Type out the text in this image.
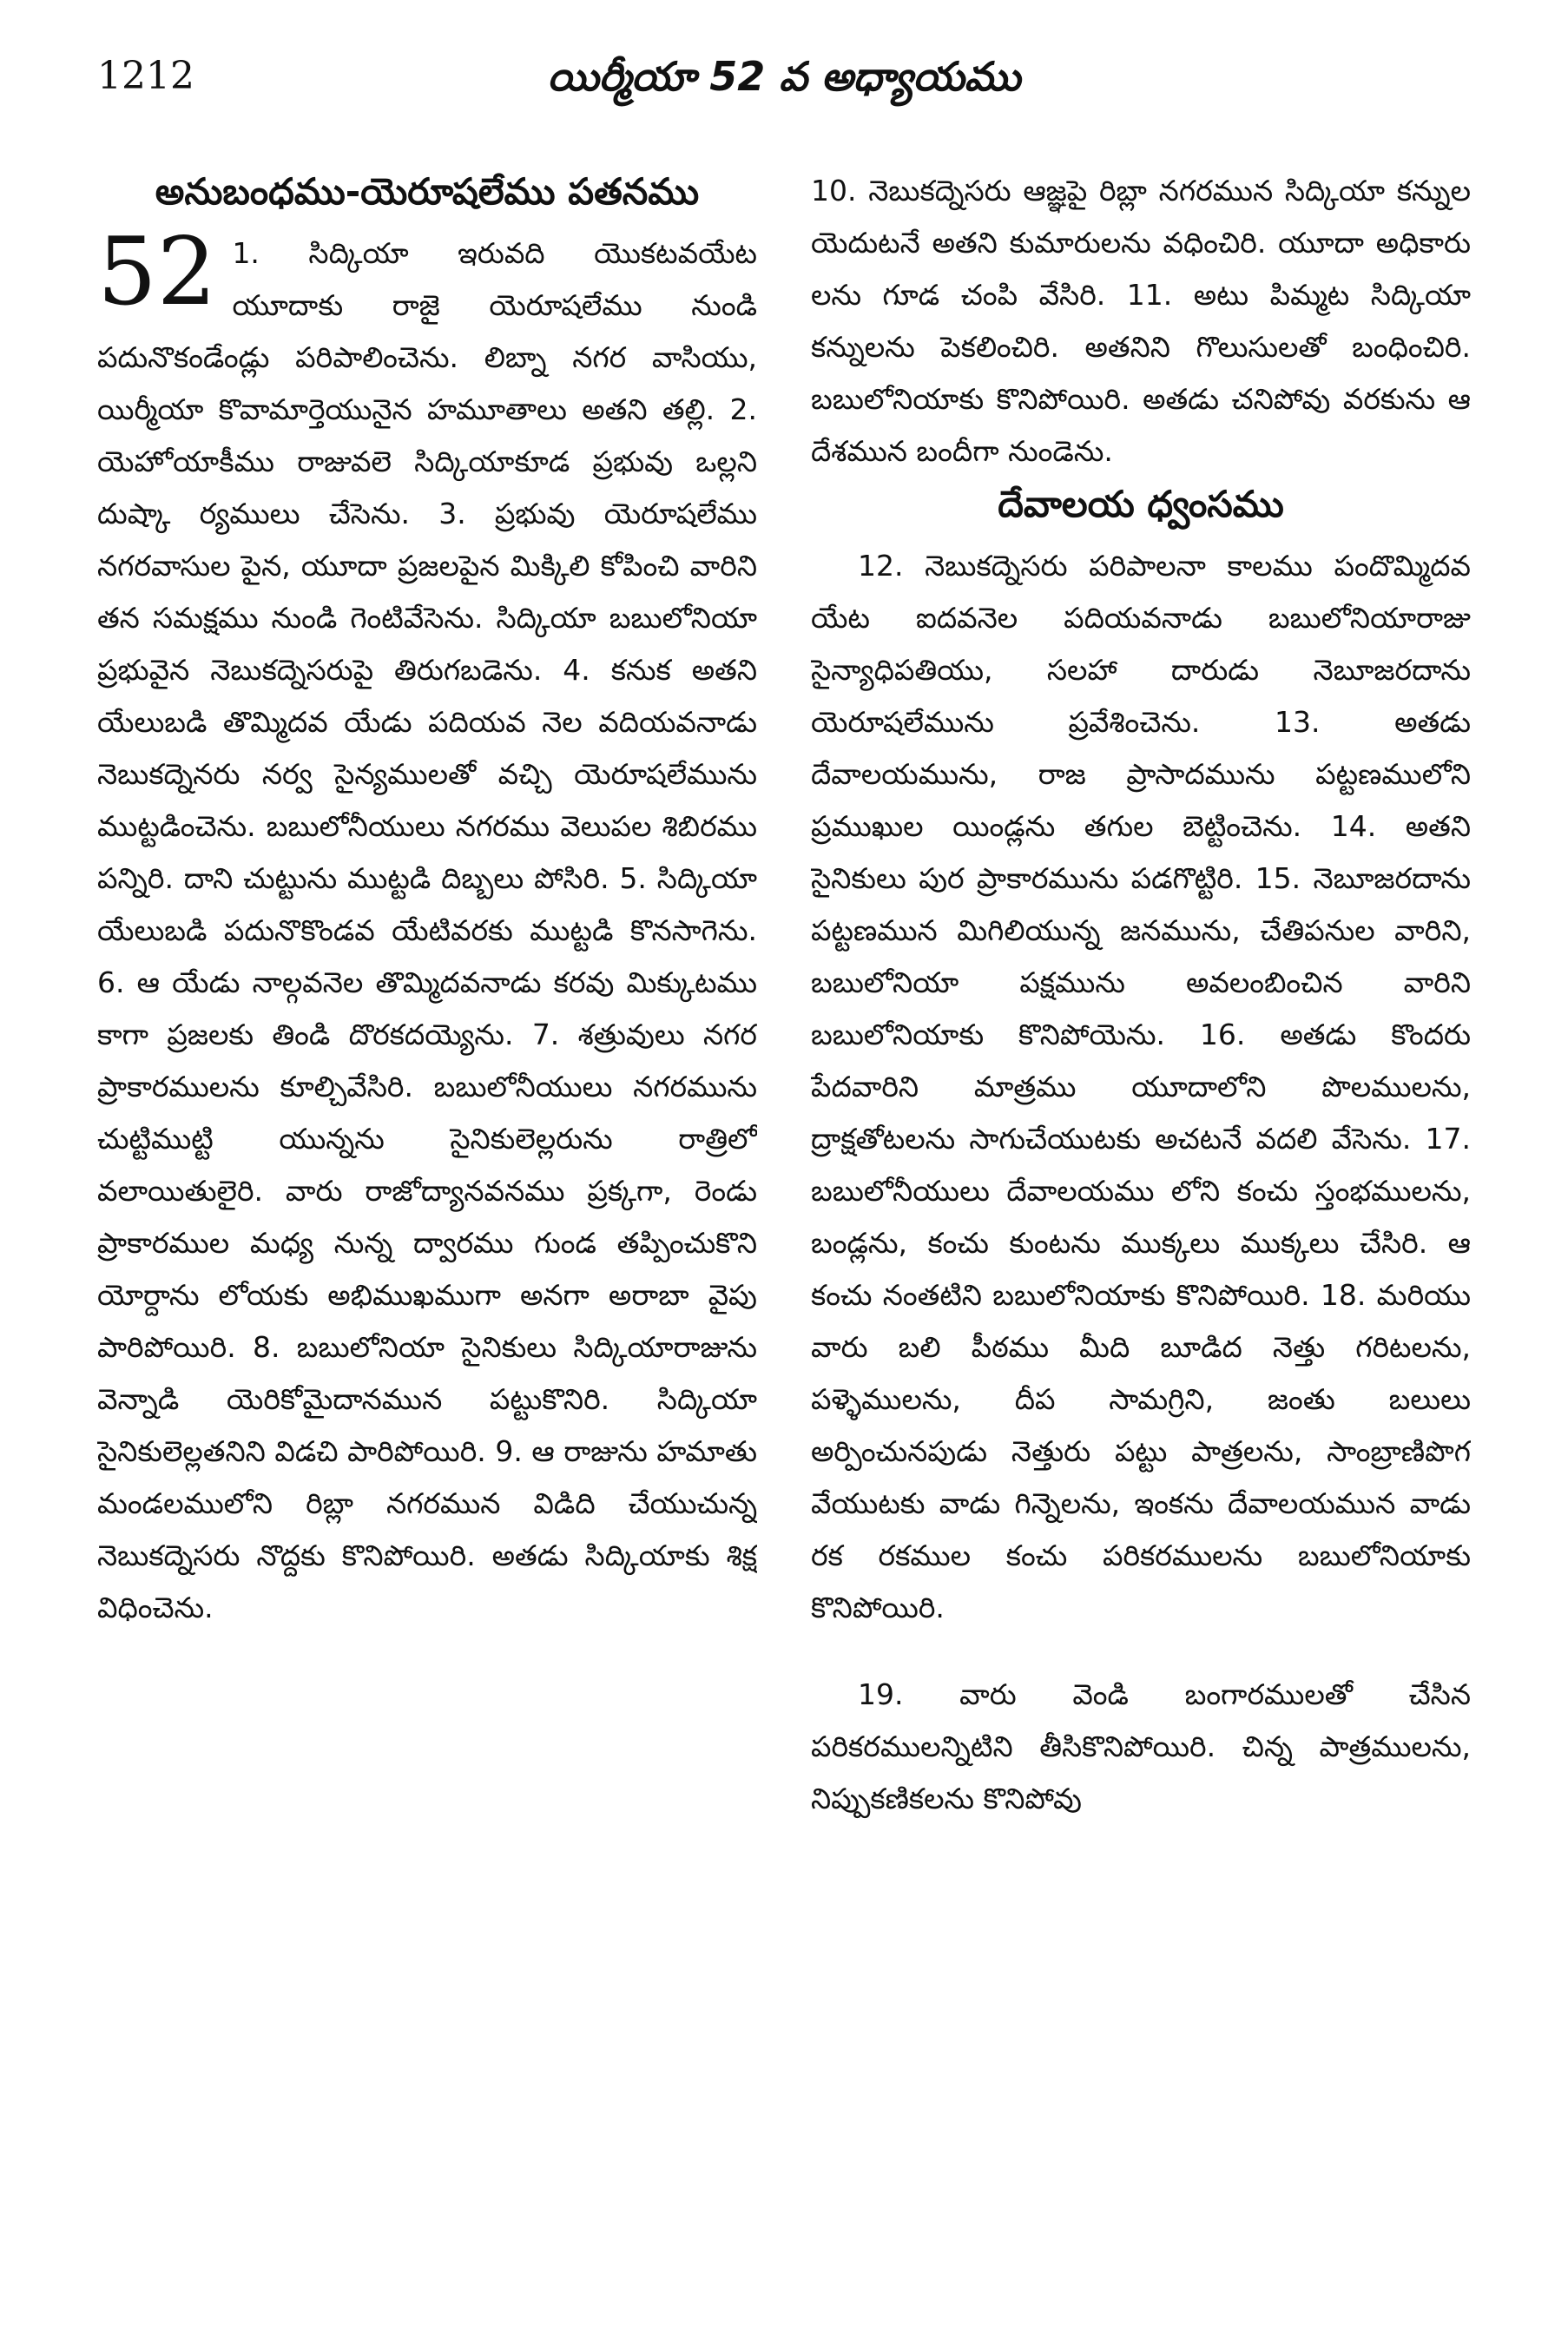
1212	యిర్మీయా 52 వ అధ్యాయము
అనుబంధము-యెరూషలేము పతనము

52 1. సిద్కియా ఇరువది యొకటవయేట యూదాకు రాజై యెరూషలేము నుండి పదునొకండేండ్లు పరిపాలించెను. లిబ్నా నగర వాసియు, యిర్మీయా కొవామార్తెయునైన హమూతాలు అతని తల్లి. 2. యెహోయాకీము రాజువలె సిద్కియాకూడ ప్రభువు ఒల్లని దుష్కా ర్యములు చేసెను. 3. ప్రభువు యెరూషలేము నగరవాసుల పైన, యూదా ప్రజలపైన మిక్కిలి కోపించి వారిని తన సమక్షము నుండి గెంటివేసెను. సిద్కియా బబులోనియా ప్రభువైన నెబుకద్నెసరుపై తిరుగబడెను. 4. కనుక అతని యేలుబడి తొమ్మిదవ యేడు పదియవ నెల వదియవనాడు నెబుకద్నెనరు నర్వ సైన్యములతో వచ్చి యెరూషలేమును ముట్టడించెను. బబులోనీయులు నగరము వెలుపల శిబిరము పన్నిరి. దాని చుట్టును ముట్టడి దిబ్బలు పోసిరి. 5. సిద్కియా యేలుబడి పదునొకొండవ యేటివరకు ముట్టడి కొనసాగెను. 6. ఆ యేడు నాల్గవనెల తొమ్మిదవనాడు కరవు మిక్కుటము కాగా ప్రజలకు తిండి దొరకదయ్యెను. 7. శత్రువులు నగర ప్రాకారములను కూల్చివేసిరి. బబులోనీయులు నగరమును చుట్టిముట్టి యున్నను సైనికులెల్లరును రాత్రిలో వలాయితులైరి. వారు రాజోద్యానవనము ప్రక్కగా, రెండు ప్రాకారముల మధ్య నున్న ద్వారము గుండ తప్పించుకొని యోర్దాను లోయకు అభిముఖముగా అనగా అరాబా వైపు పారిపోయిరి. 8. బబులోనియా సైనికులు సిద్కియారాజును వెన్నాడి యెరికోమైదానమున పట్టుకొనిరి. సిద్కియా సైనికులెల్లతనిని విడచి పారిపోయిరి. 9. ఆ రాజును హమాతు మండలములోని రిబ్లా నగరమున విడిది చేయుచున్న నెబుకద్నెసరు నొద్దకు కొనిపోయిరి. అతడు సిద్కియాకు శిక్ష విధించెను.

10. నెబుకద్నెసరు ఆజ్ఞపై రిబ్లా నగరమున సిద్కియా కన్నుల యెదుటనే అతని కుమారులను వధించిరి. యూదా అధికారు లను గూడ చంపి వేసిరి. 11. అటు పిమ్మట సిద్కియా కన్నులను పెకలించిరి. అతనిని గొలుసులతో బంధించిరి. బబులోనియాకు కొనిపోయిరి. అతడు చనిపోవు వరకును ఆ దేశమున బందీగా నుండెను.

దేవాలయ ధ్వంసము

12. నెబుకద్నెసరు పరిపాలనా కాలము పందొమ్మిదవ యేట ఐదవనెల పదియవనాడు బబులోనియారాజు సైన్యాధిపతియు, సలహా దారుడు నెబూజరదాను యెరూషలేమును ప్రవేశించెను. 13. అతడు దేవాలయమును, రాజ ప్రాసాదమును పట్టణములోని ప్రముఖుల యిండ్లను తగుల బెట్టించెను. 14. అతని సైనికులు పుర ప్రాకారమును పడగొట్టిరి. 15. నెబూజరదాను పట్టణమున మిగిలియున్న జనమును, చేతిపనుల వారిని, బబులోనియా పక్షమును అవలంబించిన వారిని బబులోనియాకు కొనిపోయెను. 16. అతడు కొందరు పేదవారిని మాత్రము యూదాలోని పొలములను, ద్రాక్షతోటలను సాగుచేయుటకు అచటనే వదలి వేసెను. 17. బబులోనీయులు దేవాలయము లోని కంచు స్తంభములను, బండ్లను, కంచు కుంటను ముక్కలు ముక్కలు చేసిరి. ఆ కంచు నంతటిని బబులోనియాకు కొనిపోయిరి. 18. మరియు వారు బలి పీఠము మీది బూడిద నెత్తు గరిటలను, పళ్ళెములను, దీప సామగ్రిని, జంతు బలులు అర్పించునపుడు నెత్తురు పట్టు పాత్రలను, సాంబ్రాణిపొగ వేయుటకు వాడు గిన్నెలను, ఇంకను దేవాలయమున వాడు రక రకముల కంచు పరికరములను బబులోనియాకు కొనిపోయిరి.

19. వారు వెండి బంగారములతో చేసిన పరికరములన్నిటిని తీసికొనిపోయిరి. చిన్న పాత్రములను, నిప్పుకణికలను కొనిపోవు
